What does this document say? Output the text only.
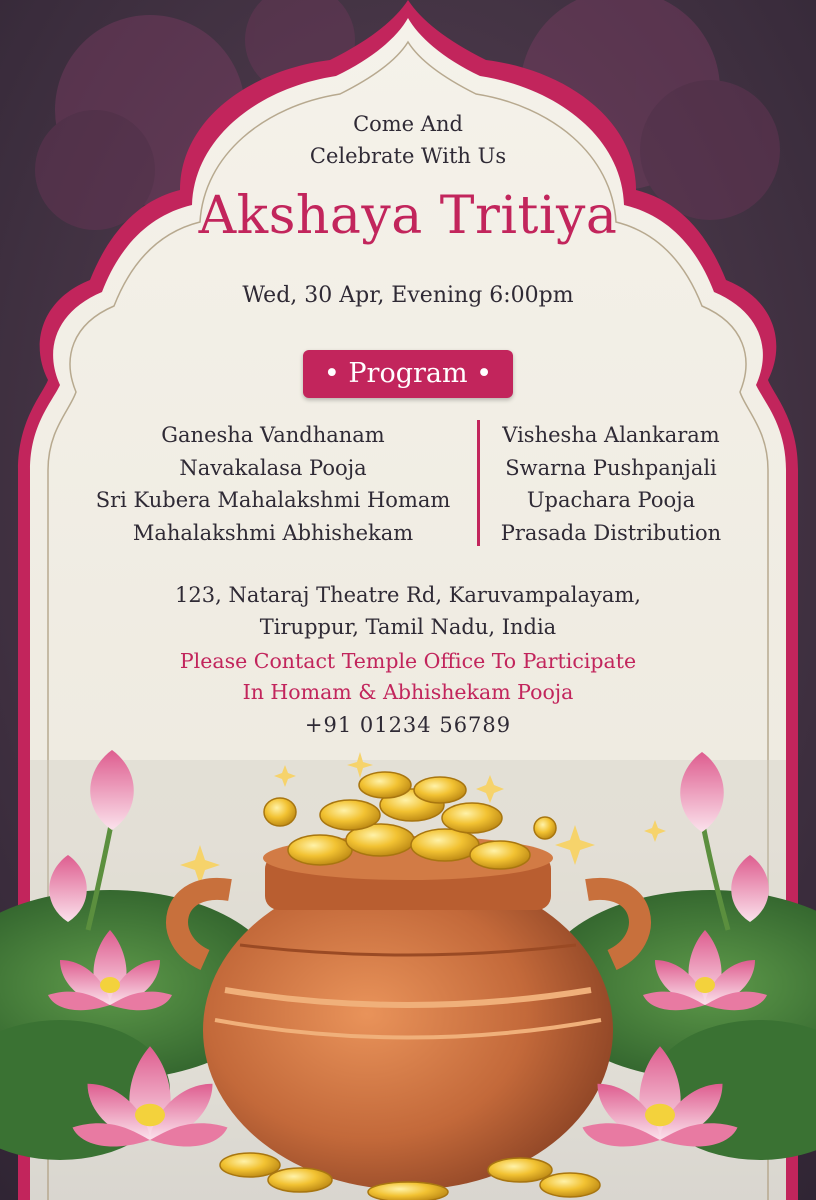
Come And
Celebrate With Us
Akshaya Tritiya
Wed, 30 Apr, Evening 6:00pm
• Program •
Ganesha Vandhanam
Navakalasa Pooja
Sri Kubera Mahalakshmi Homam
Mahalakshmi Abhishekam
Vishesha Alankaram
Swarna Pushpanjali
Upachara Pooja
Prasada Distribution
123, Nataraj Theatre Rd, Karuvampalayam,
Tiruppur, Tamil Nadu, India
Please Contact Temple Office To Participate
In Homam & Abhishekam Pooja
+91 01234 56789
